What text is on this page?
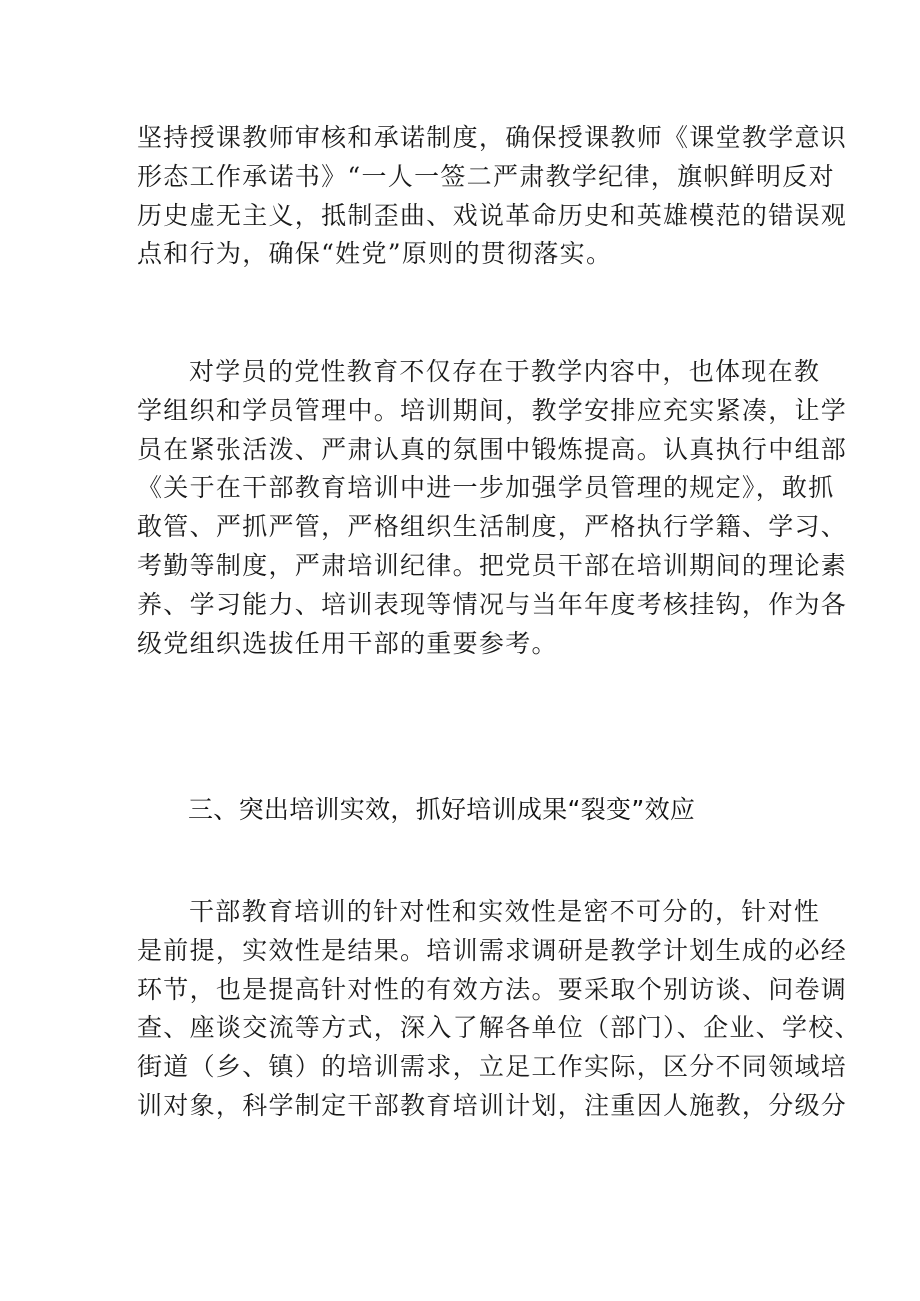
坚持授课教师审核和承诺制度，确保授课教师《课堂教学意识
形态工作承诺书》“一人一签二严肃教学纪律，旗帜鲜明反对
历史虚无主义，抵制歪曲、戏说革命历史和英雄模范的错误观
点和行为，确保“姓党”原则的贯彻落实。
对学员的党性教育不仅存在于教学内容中，也体现在教
学组织和学员管理中。培训期间，教学安排应充实紧凑，让学
员在紧张活泼、严肃认真的氛围中锻炼提高。认真执行中组部
《关于在干部教育培训中进一步加强学员管理的规定》，敢抓
敢管、严抓严管，严格组织生活制度，严格执行学籍、学习、
考勤等制度，严肃培训纪律。把党员干部在培训期间的理论素
养、学习能力、培训表现等情况与当年年度考核挂钩，作为各
级党组织选拔任用干部的重要参考。
三、突出培训实效，抓好培训成果“裂变”效应
干部教育培训的针对性和实效性是密不可分的，针对性
是前提，实效性是结果。培训需求调研是教学计划生成的必经
环节，也是提高针对性的有效方法。要采取个别访谈、问卷调
查、座谈交流等方式，深入了解各单位（部门）、企业、学校、
街道（乡、镇）的培训需求，立足工作实际，区分不同领域培
训对象，科学制定干部教育培训计划，注重因人施教，分级分
